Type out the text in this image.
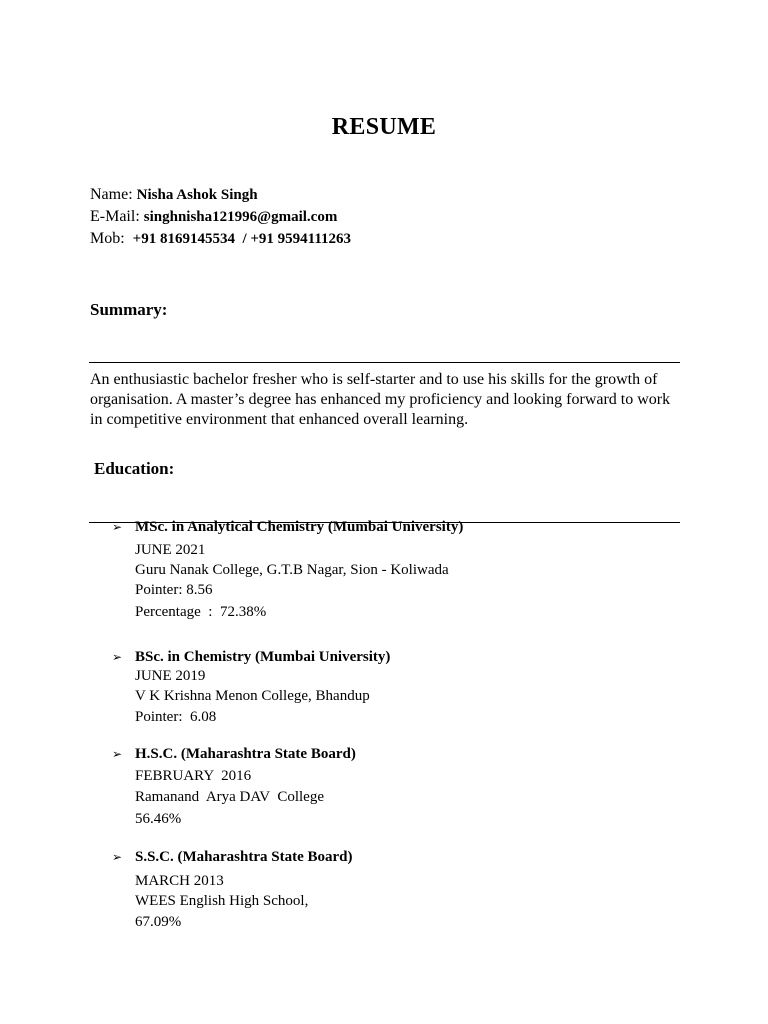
RESUME
Name: Nisha Ashok Singh
E-Mail: singhnisha121996@gmail.com
Mob:  +91 8169145534  / +91 9594111263
Summary:
An enthusiastic bachelor fresher who is self-starter and to use his skills for the growth of organisation. A master’s degree has enhanced my proficiency and looking forward to work in competitive environment that enhanced overall learning.
Education:
➢ MSc. in Analytical Chemistry (Mumbai University)
JUNE 2021
Guru Nanak College, G.T.B Nagar, Sion - Koliwada
Pointer: 8.56
Percentage  :  72.38%
➢ BSc. in Chemistry (Mumbai University)
JUNE 2019
V K Krishna Menon College, Bhandup
Pointer:  6.08
➢ H.S.C. (Maharashtra State Board)
FEBRUARY  2016
Ramanand  Arya DAV  College
56.46%
➢ S.S.C. (Maharashtra State Board)
MARCH 2013
WEES English High School,
67.09%
